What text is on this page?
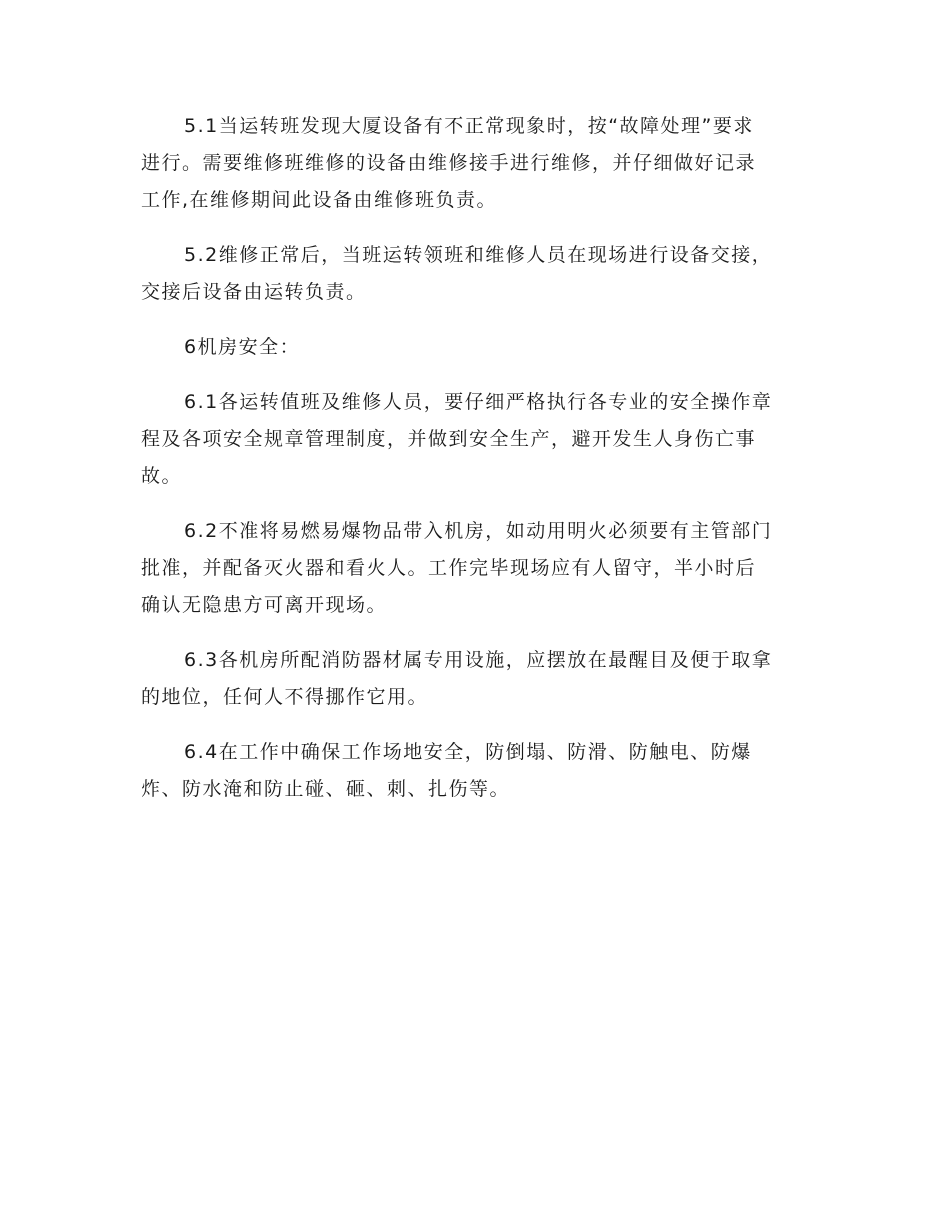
5.1当运转班发现大厦设备有不正常现象时，按“故障处理”要求
进行。需要维修班维修的设备由维修接手进行维修，并仔细做好记录
工作,在维修期间此设备由维修班负责。

5.2维修正常后，当班运转领班和维修人员在现场进行设备交接，
交接后设备由运转负责。

6机房安全：

6.1各运转值班及维修人员，要仔细严格执行各专业的安全操作章
程及各项安全规章管理制度，并做到安全生产，避开发生人身伤亡事
故。

6.2不准将易燃易爆物品带入机房，如动用明火必须要有主管部门
批准，并配备灭火器和看火人。工作完毕现场应有人留守，半小时后
确认无隐患方可离开现场。

6.3各机房所配消防器材属专用设施，应摆放在最醒目及便于取拿
的地位，任何人不得挪作它用。

6.4在工作中确保工作场地安全，防倒塌、防滑、防触电、防爆
炸、防水淹和防止碰、砸、刺、扎伤等。
